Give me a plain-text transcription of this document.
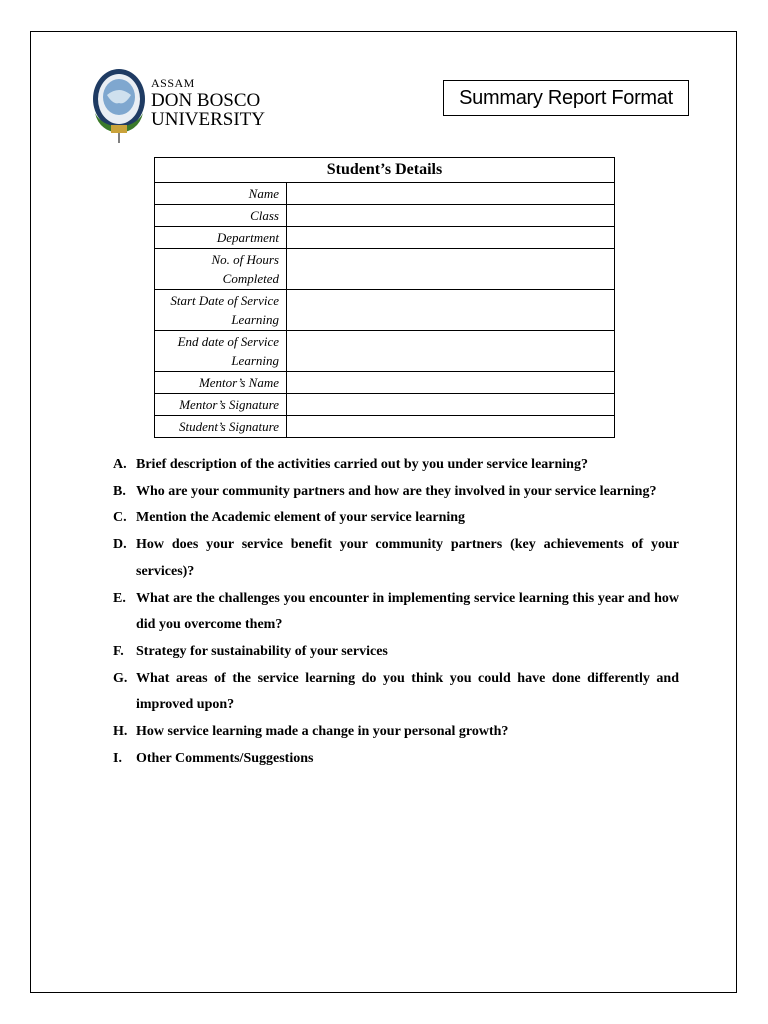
ASSAM
DON BOSCO
UNIVERSITY
Summary Report Format
Student’s Details	
Name	
Class	
Department	
No. of Hours Completed	
Start Date of Service Learning	
End date of Service Learning	
Mentor’s Name	
Mentor’s Signature	
Student’s Signature	
A. Brief description of the activities carried out by you under service learning?
B. Who are your community partners and how are they involved in your service learning?
C. Mention the Academic element of your service learning
D. How does your service benefit your community partners (key achievements of your services)?
E. What are the challenges you encounter in implementing service learning this year and how did you overcome them?
F. Strategy for sustainability of your services
G. What areas of the service learning do you think you could have done differently and improved upon?
H. How service learning made a change in your personal growth?
I.	Other Comments/Suggestions
